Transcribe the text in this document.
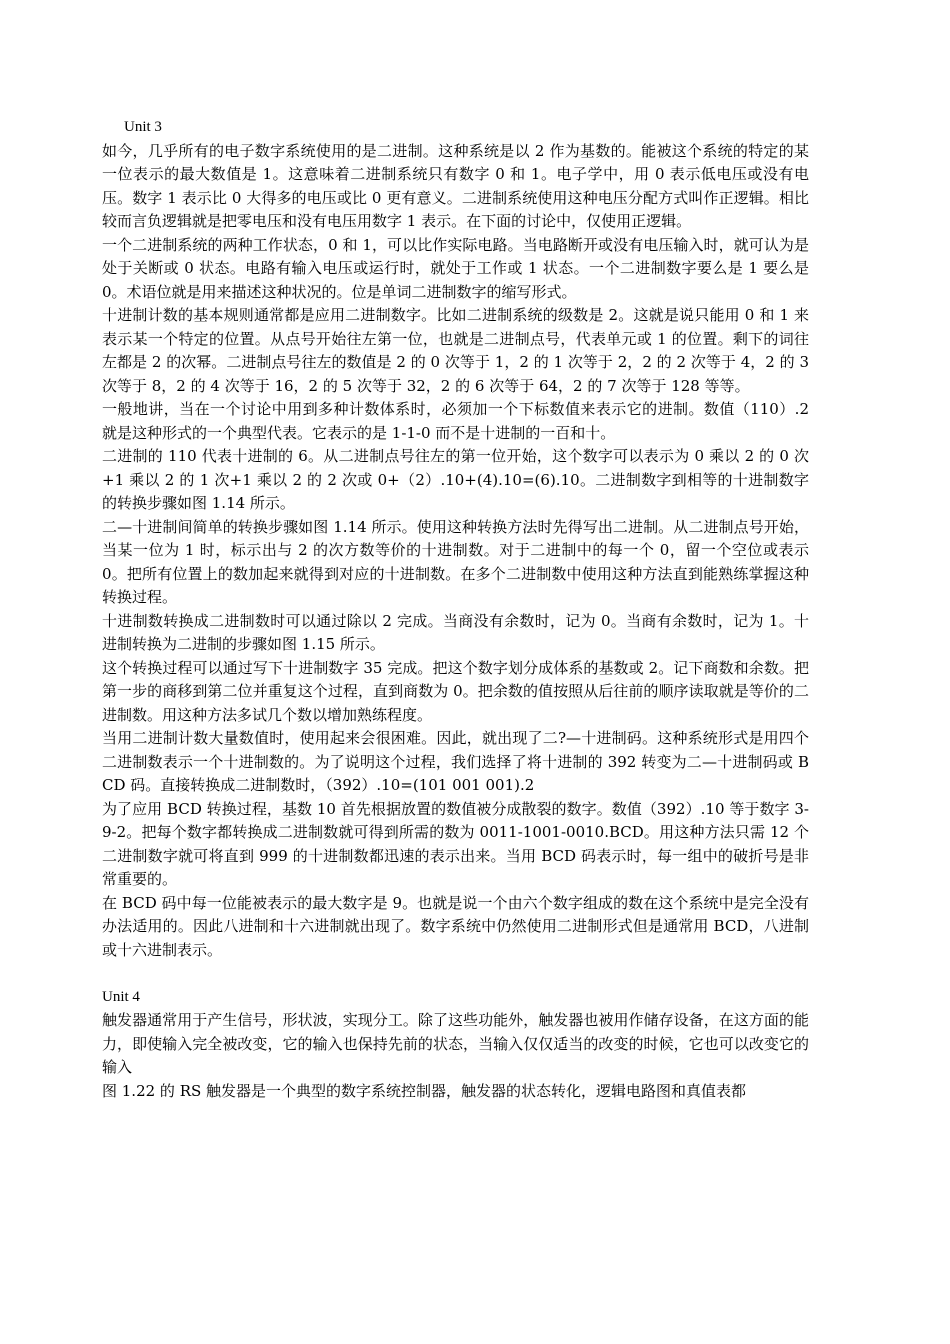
Unit 3

如今，几乎所有的电子数字系统使用的是二进制。这种系统是以 2 作为基数的。能被这个系统的特定的某一位表示的最大数值是 1。这意味着二进制系统只有数字 0 和 1。电子学中，用 0 表示低电压或没有电压。数字 1 表示比 0 大得多的电压或比 0 更有意义。二进制系统使用这种电压分配方式叫作正逻辑。相比较而言负逻辑就是把零电压和没有电压用数字 1 表示。在下面的讨论中，仅使用正逻辑。

一个二进制系统的两种工作状态，0 和 1，可以比作实际电路。当电路断开或没有电压输入时，就可认为是处于关断或 0 状态。电路有输入电压或运行时，就处于工作或 1 状态。一个二进制数字要么是 1 要么是 0。术语位就是用来描述这种状况的。位是单词二进制数字的缩写形式。

十进制计数的基本规则通常都是应用二进制数字。比如二进制系统的级数是 2。这就是说只能用 0 和 1 来表示某一个特定的位置。从点号开始往左第一位，也就是二进制点号，代表单元或 1 的位置。剩下的词往左都是 2 的次幂。二进制点号往左的数值是 2 的 0 次等于 1，2 的 1 次等于 2，2 的 2 次等于 4，2 的 3 次等于 8，2 的 4 次等于 16，2 的 5 次等于 32，2 的 6 次等于 64，2 的 7 次等于 128 等等。

一般地讲，当在一个讨论中用到多种计数体系时，必须加一个下标数值来表示它的进制。数值（110）.2 就是这种形式的一个典型代表。它表示的是 1-1-0 而不是十进制的一百和十。

二进制的 110 代表十进制的 6。从二进制点号往左的第一位开始，这个数字可以表示为 0 乘以 2 的 0 次+1 乘以 2 的 1 次+1 乘以 2 的 2 次或 0+（2）.10+(4).10=(6).10。二进制数字到相等的十进制数字的转换步骤如图 1.14 所示。

二—十进制间简单的转换步骤如图 1.14 所示。使用这种转换方法时先得写出二进制。从二进制点号开始，当某一位为 1 时，标示出与 2 的次方数等价的十进制数。对于二进制中的每一个 0，留一个空位或表示 0。把所有位置上的数加起来就得到对应的十进制数。在多个二进制数中使用这种方法直到能熟练掌握这种转换过程。

十进制数转换成二进制数时可以通过除以 2 完成。当商没有余数时，记为 0。当商有余数时，记为 1。十进制转换为二进制的步骤如图 1.15 所示。

这个转换过程可以通过写下十进制数字 35 完成。把这个数字划分成体系的基数或 2。记下商数和余数。把第一步的商移到第二位并重复这个过程，直到商数为 0。把余数的值按照从后往前的顺序读取就是等价的二进制数。用这种方法多试几个数以增加熟练程度。

当用二进制计数大量数值时，使用起来会很困难。因此，就出现了二?—十进制码。这种系统形式是用四个二进制数表示一个十进制数的。为了说明这个过程，我们选择了将十进制的 392 转变为二—十进制码或 BCD 码。直接转换成二进制数时，（392）.10=(101 001 001).2

为了应用 BCD 转换过程，基数 10 首先根据放置的数值被分成散裂的数字。数值（392）.10 等于数字 3-9-2。把每个数字都转换成二进制数就可得到所需的数为 0011-1001-0010.BCD。用这种方法只需 12 个二进制数字就可将直到 999 的十进制数都迅速的表示出来。当用 BCD 码表示时，每一组中的破折号是非常重要的。

在 BCD 码中每一位能被表示的最大数字是 9。也就是说一个由六个数字组成的数在这个系统中是完全没有办法适用的。因此八进制和十六进制就出现了。数字系统中仍然使用二进制形式但是通常用 BCD，八进制或十六进制表示。

Unit 4

触发器通常用于产生信号，形状波，实现分工。除了这些功能外，触发器也被用作储存设备，在这方面的能力，即使输入完全被改变，它的输入也保持先前的状态，当输入仅仅适当的改变的时候，它也可以改变它的输入

图 1.22 的 RS 触发器是一个典型的数字系统控制器，触发器的状态转化，逻辑电路图和真值表都
